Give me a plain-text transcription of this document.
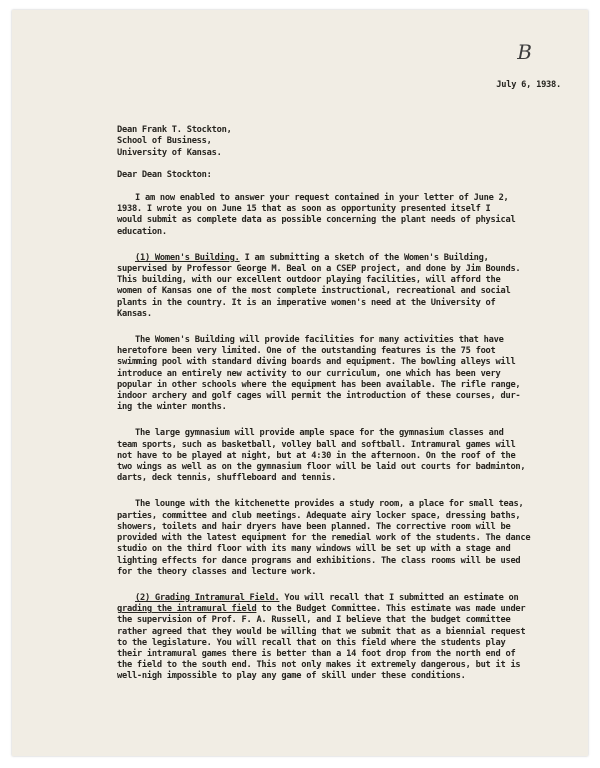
B
July 6, 1938.
Dean Frank T. Stockton,
School of Business,
University of Kansas.
Dear Dean Stockton:
I am now enabled to answer your request contained in your letter of June 2,
1938. I wrote you on June 15 that as soon as opportunity presented itself I
would submit as complete data as possible concerning the plant needs of physical
education.
(1) Women's Building. I am submitting a sketch of the Women's Building,
supervised by Professor George M. Beal on a CSEP project, and done by Jim Bounds.
This building, with our excellent outdoor playing facilities, will afford the
women of Kansas one of the most complete instructional, recreational and social
plants in the country. It is an imperative women's need at the University of
Kansas.
The Women's Building will provide facilities for many activities that have
heretofore been very limited. One of the outstanding features is the 75 foot
swimming pool with standard diving boards and equipment. The bowling alleys will
introduce an entirely new activity to our curriculum, one which has been very
popular in other schools where the equipment has been available. The rifle range,
indoor archery and golf cages will permit the introduction of these courses, dur-
ing the winter months.
The large gymnasium will provide ample space for the gymnasium classes and
team sports, such as basketball, volley ball and softball. Intramural games will
not have to be played at night, but at 4:30 in the afternoon. On the roof of the
two wings as well as on the gymnasium floor will be laid out courts for badminton,
darts, deck tennis, shuffleboard and tennis.
The lounge with the kitchenette provides a study room, a place for small teas,
parties, committee and club meetings. Adequate airy locker space, dressing baths,
showers, toilets and hair dryers have been planned. The corrective room will be
provided with the latest equipment for the remedial work of the students. The dance
studio on the third floor with its many windows will be set up with a stage and
lighting effects for dance programs and exhibitions. The class rooms will be used
for the theory classes and lecture work.
(2) Grading Intramural Field. You will recall that I submitted an estimate on
grading the intramural field to the Budget Committee. This estimate was made under
the supervision of Prof. F. A. Russell, and I believe that the budget committee
rather agreed that they would be willing that we submit that as a biennial request
to the legislature. You will recall that on this field where the students play
their intramural games there is better than a 14 foot drop from the north end of
the field to the south end. This not only makes it extremely dangerous, but it is
well-nigh impossible to play any game of skill under these conditions.
